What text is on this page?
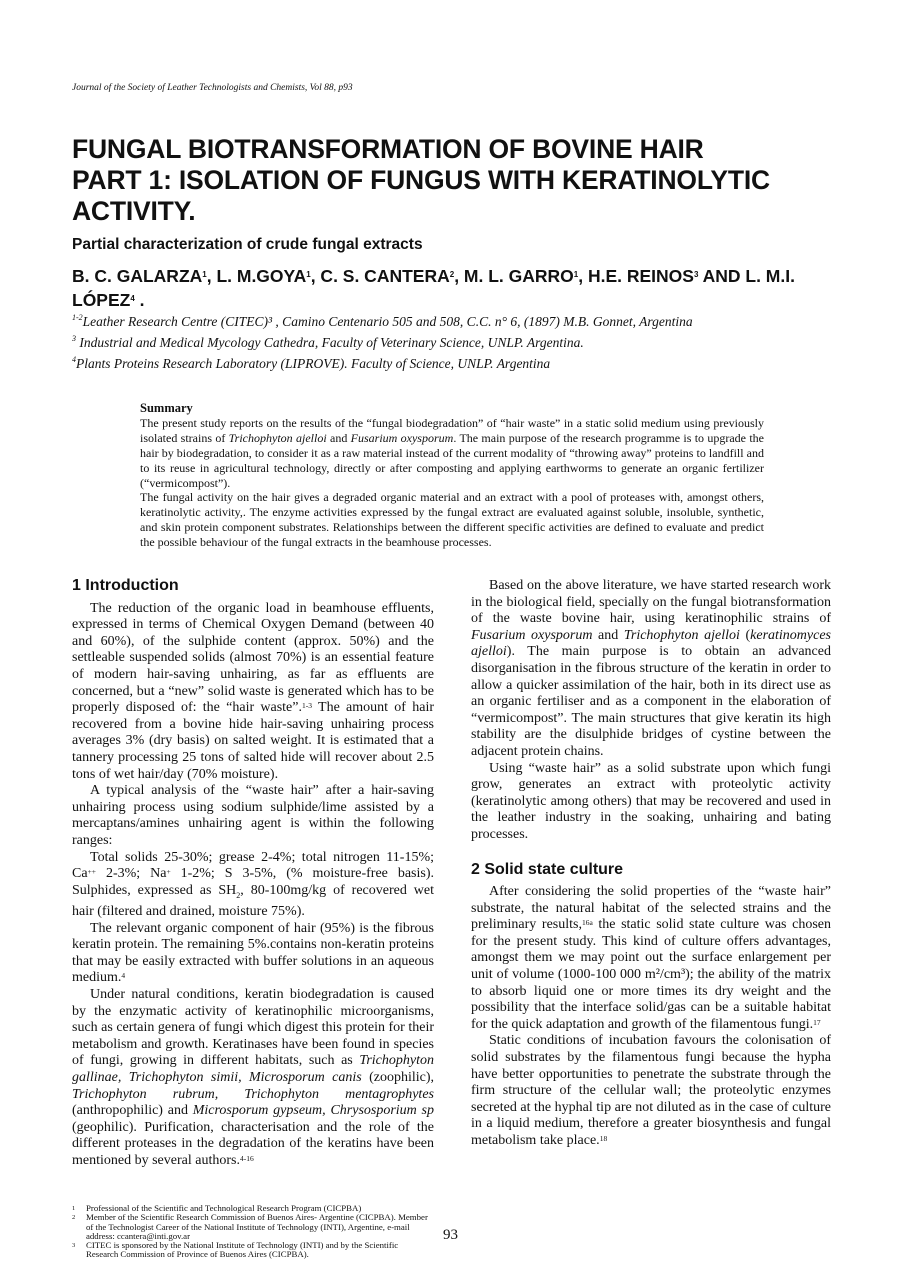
Journal of the Society of Leather Technologists and Chemists, Vol 88, p93
FUNGAL BIOTRANSFORMATION OF BOVINE HAIR
PART 1: ISOLATION OF FUNGUS WITH KERATINOLYTIC
ACTIVITY.
Partial characterization of crude fungal extracts
B. C. GALARZA$^1$, L. M.GOYA$^1$, C. S. CANTERA$^2$, M. L. GARRO$^1$, H.E. REINOS$^3$ AND L. M.I. LÓPEZ$^4$ .
$^{1-2}$Leather Research Centre (CITEC)³ , Camino Centenario 505 and 508, C.C. n° 6, (1897) M.B. Gonnet, Argentina
$^3$ Industrial and Medical Mycology Cathedra, Faculty of Veterinary Science, UNLP. Argentina.
$^4$Plants Proteins Research Laboratory (LIPROVE). Faculty of Science, UNLP. Argentina
Summary

The present study reports on the results of the “fungal biodegradation” of “hair waste” in a static solid medium using previously isolated strains of Trichophyton ajelloi and Fusarium oxysporum. The main purpose of the research programme is to upgrade the hair by biodegradation, to consider it as a raw material instead of the current modality of “throwing away” proteins to landfill and to its reuse in agricultural technology, directly or after composting and applying earthworms to generate an organic fertilizer (“vermicompost”).

The fungal activity on the hair gives a degraded organic material and an extract with a pool of proteases with, amongst others, keratinolytic activity,. The enzyme activities expressed by the fungal extract are evaluated against soluble, insoluble, synthetic, and skin protein component substrates. Relationships between the different specific activities are defined to evaluate and predict the possible behaviour of the fungal extracts in the beamhouse processes.

1 Introduction

The reduction of the organic load in beamhouse effluents, expressed in terms of Chemical Oxygen Demand (between 40 and 60%), of the sulphide content (approx. 50%) and the settleable suspended solids (almost 70%) is an essential feature of modern hair-saving unhairing, as far as effluents are concerned, but a “new” solid waste is generated which has to be properly disposed of: the “hair waste”.$^{1-3}$ The amount of hair recovered from a bovine hide hair-saving unhairing process averages 3% (dry basis) on salted weight. It is estimated that a tannery processing 25 tons of salted hide will recover about 2.5 tons of wet hair/day (70% moisture).

A typical analysis of the “waste hair” after a hair-saving unhairing process using sodium sulphide/lime assisted by a mercaptans/amines unhairing agent is within the following ranges:

Total solids 25-30%; grease 2-4%; total nitrogen 11-15%; Ca++ 2-3%; Na+ 1-2%; S 3-5%, (% moisture-free basis). Sulphides, expressed as $SH_2$, 80-100mg/kg of recovered wet hair (filtered and drained, moisture 75%).

The relevant organic component of hair (95%) is the fibrous keratin protein. The remaining 5%.contains non-keratin proteins that may be easily extracted with buffer solutions in an aqueous medium.$^4$

Under natural conditions, keratin biodegradation is caused by the enzymatic activity of keratinophilic microorganisms, such as certain genera of fungi which digest this protein for their metabolism and growth. Keratinases have been found in species of fungi, growing in different habitats, such as Trichophyton gallinae, Trichophyton simii, Microsporum canis (zoophilic), Trichophyton rubrum, Trichophyton mentagrophytes (anthropophilic) and Microsporum gypseum, Chrysosporium sp (geophilic). Purification, characterisation and the role of the different proteases in the degradation of the keratins have been mentioned by several authors.$^{4-16}$

Based on the above literature, we have started research work in the biological field, specially on the fungal biotransformation of the waste bovine hair, using keratinophilic strains of Fusarium oxysporum and Trichophyton ajelloi (keratinomyces ajelloi). The main purpose is to obtain an advanced disorganisation in the fibrous structure of the keratin in order to allow a quicker assimilation of the hair, both in its direct use as an organic fertiliser and as a component in the elaboration of “vermicompost”. The main structures that give keratin its high stability are the disulphide bridges of cystine between the adjacent protein chains.

Using “waste hair” as a solid substrate upon which fungi grow, generates an extract with proteolytic activity (keratinolytic among others) that may be recovered and used in the leather industry in the soaking, unhairing and bating processes.

2 Solid state culture

After considering the solid properties of the “waste hair” substrate, the natural habitat of the selected strains and the preliminary results,$^{16a}$ the static solid state culture was chosen for the present study. This kind of culture offers advantages, amongst them we may point out the surface enlargement per unit of volume (1000-100 000 m²/cm³); the ability of the matrix to absorb liquid one or more times its dry weight and the possibility that the interface solid/gas can be a suitable habitat for the quick adaptation and growth of the filamentous fungi.$^{17}$

Static conditions of incubation favours the colonisation of solid substrates by the filamentous fungi because the hypha have better opportunities to penetrate the substrate through the firm structure of the cellular wall; the proteolytic enzymes secreted at the hyphal tip are not diluted as in the case of culture in a liquid medium, therefore a greater biosynthesis and fungal metabolism take place.$^{18}$

1	Professional of the Scientific and Technological Research Program (CICPBA)
2	Member of the Scientific Research Commission of Buenos Aires- Argentine (CICPBA). Member of the Technologist Career of the National Institute of Technology (INTI), Argentine, e-mail address: ccantera@inti.gov.ar
3	CITEC is sponsored by the National Institute of Technology (INTI) and by the Scientific Research Commission of Province of Buenos Aires (CICPBA).
93
